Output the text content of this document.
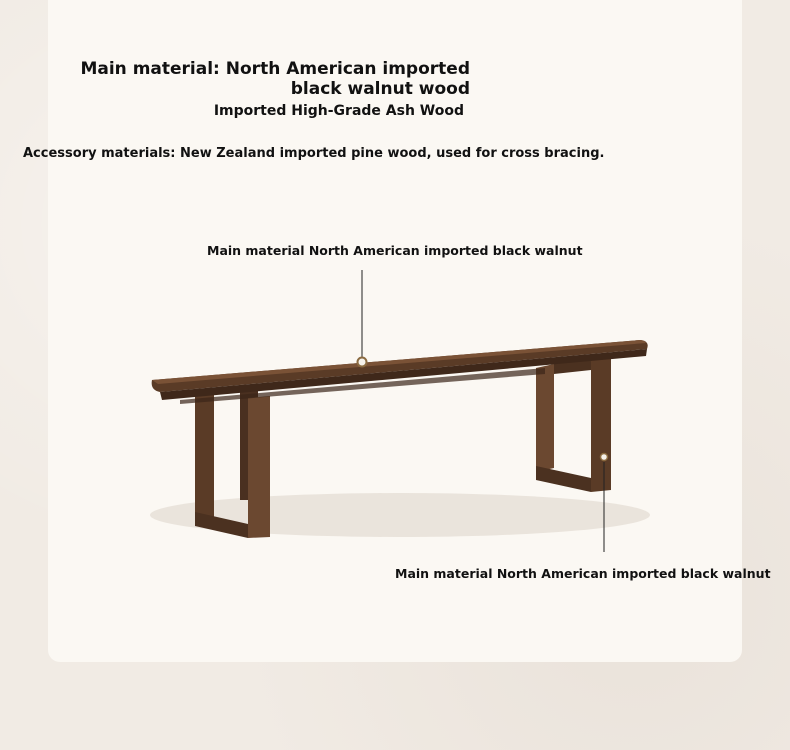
Main material: North American imported black walnut wood

Imported High-Grade Ash Wood

Accessory materials: New Zealand imported pine wood, used for cross bracing.

Main material North American imported black walnut
Main material North American imported black walnut
